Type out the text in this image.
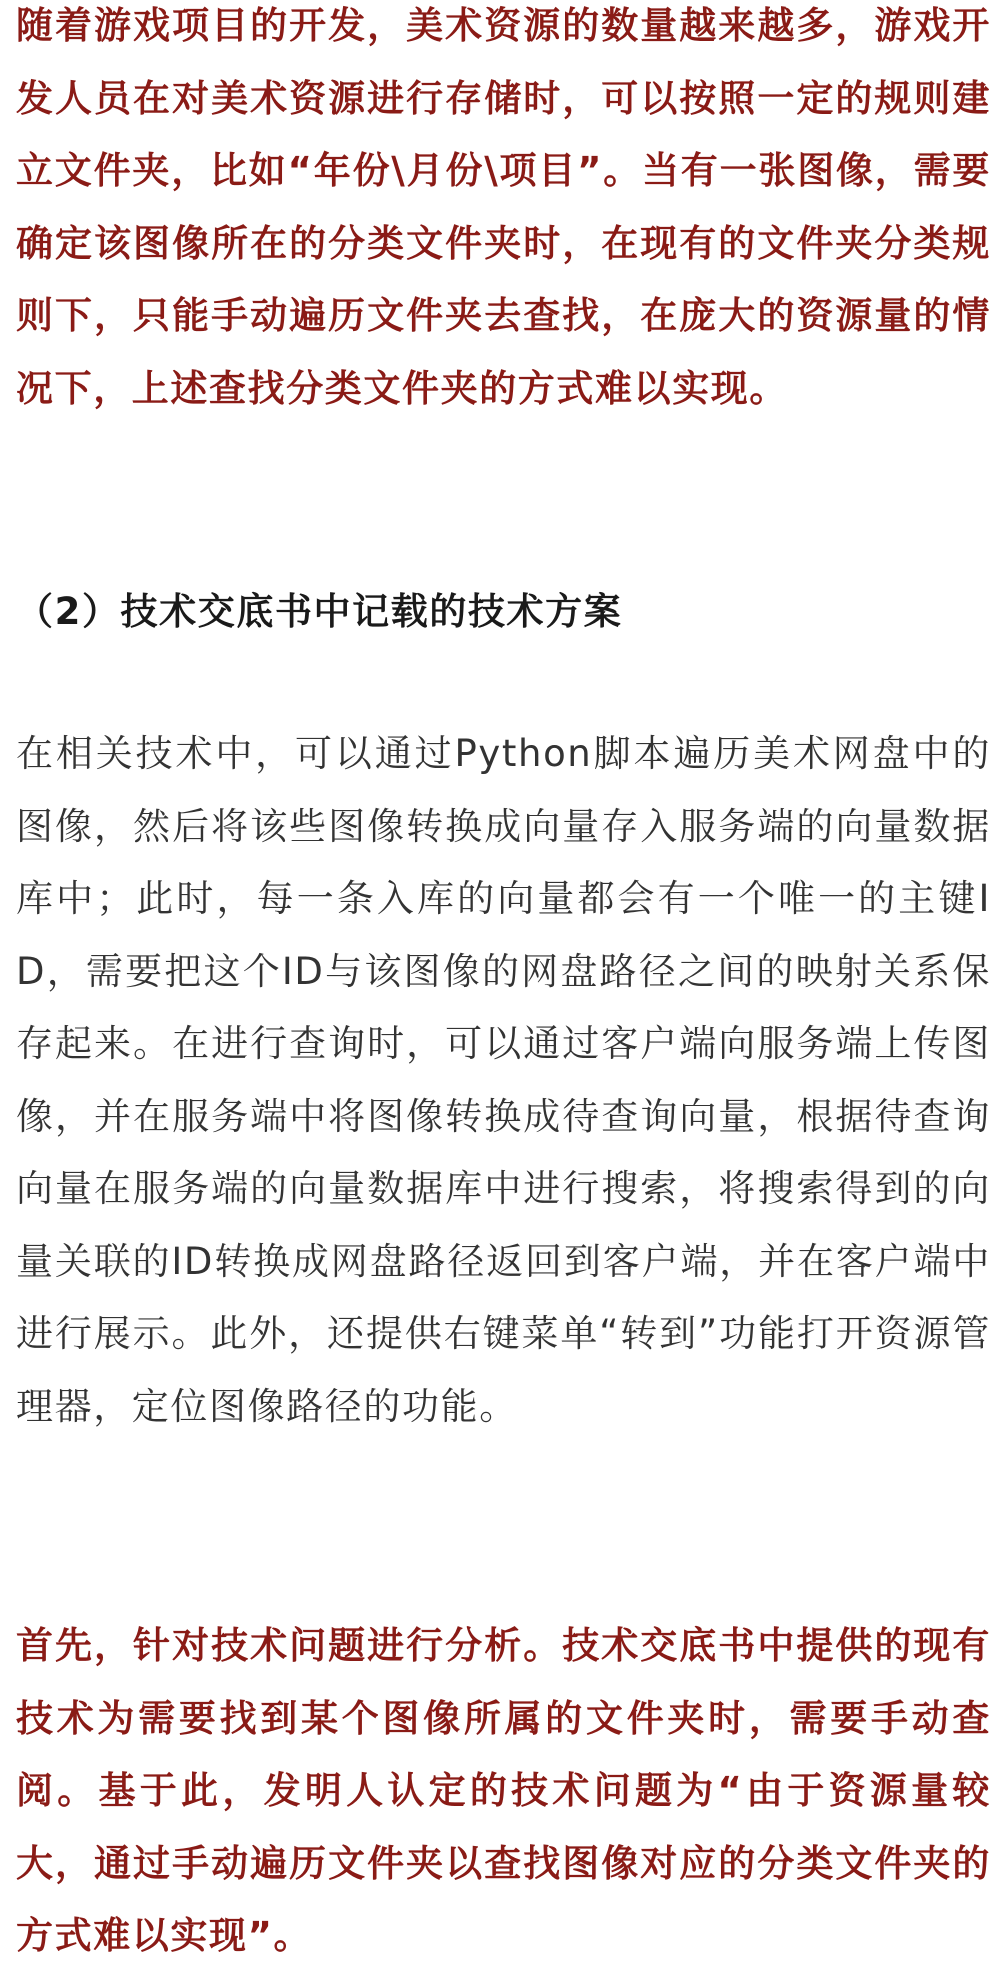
随着游戏项目的开发，美术资源的数量越来越多，游戏开发人员在对美术资源进行存储时，可以按照一定的规则建立文件夹，比如“年份\月份\项目”。当有一张图像，需要确定该图像所在的分类文件夹时，在现有的文件夹分类规则下，只能手动遍历文件夹去查找，在庞大的资源量的情况下，上述查找分类文件夹的方式难以实现。

（2）技术交底书中记载的技术方案

在相关技术中，可以通过Python脚本遍历美术网盘中的图像，然后将该些图像转换成向量存入服务端的向量数据库中；此时，每一条入库的向量都会有一个唯一的主键ID，需要把这个ID与该图像的网盘路径之间的映射关系保存起来。在进行查询时，可以通过客户端向服务端上传图像，并在服务端中将图像转换成待查询向量，根据待查询向量在服务端的向量数据库中进行搜索，将搜索得到的向量关联的ID转换成网盘路径返回到客户端，并在客户端中进行展示。此外，还提供右键菜单“转到”功能打开资源管理器，定位图像路径的功能。

首先，针对技术问题进行分析。技术交底书中提供的现有技术为需要找到某个图像所属的文件夹时，需要手动查阅。基于此，发明人认定的技术问题为“由于资源量较大，通过手动遍历文件夹以查找图像对应的分类文件夹的方式难以实现”。
